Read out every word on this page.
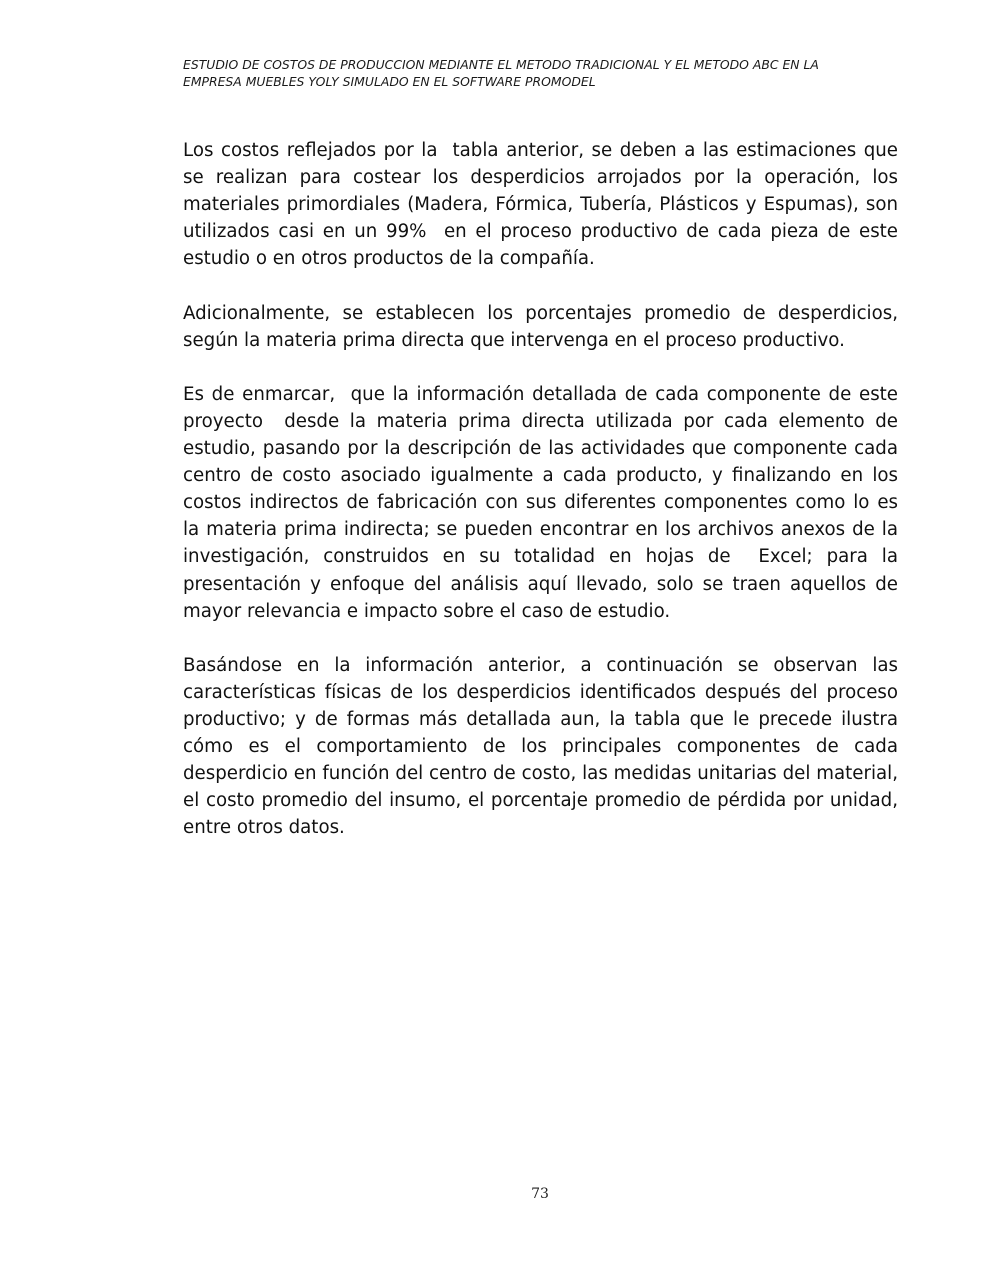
ESTUDIO DE COSTOS DE PRODUCCION MEDIANTE EL METODO TRADICIONAL Y EL METODO ABC EN LA
EMPRESA MUEBLES YOLY SIMULADO EN EL SOFTWARE PROMODEL

Los costos reflejados por la  tabla anterior, se deben a las estimaciones que se realizan para costear los desperdicios arrojados por la operación, los materiales primordiales (Madera, Fórmica, Tubería, Plásticos y Espumas), son utilizados casi en un 99%  en el proceso productivo de cada pieza de este estudio o en otros productos de la compañía.

Adicionalmente, se establecen los porcentajes promedio de desperdicios, según la materia prima directa que intervenga en el proceso productivo.

Es de enmarcar,  que la información detallada de cada componente de este proyecto  desde la materia prima directa utilizada por cada elemento de estudio, pasando por la descripción de las actividades que componente cada centro de costo asociado igualmente a cada producto, y finalizando en los costos indirectos de fabricación con sus diferentes componentes como lo es la materia prima indirecta; se pueden encontrar en los archivos anexos de la investigación, construidos en su totalidad en hojas de  Excel; para la presentación y enfoque del análisis aquí llevado, solo se traen aquellos de mayor relevancia e impacto sobre el caso de estudio.

Basándose en la información anterior, a continuación se observan las características físicas de los desperdicios identificados después del proceso productivo; y de formas más detallada aun, la tabla que le precede ilustra  cómo es el comportamiento de los principales componentes de cada desperdicio en función del centro de costo, las medidas unitarias del material, el costo promedio del insumo, el porcentaje promedio de pérdida por unidad, entre otros datos.

73
